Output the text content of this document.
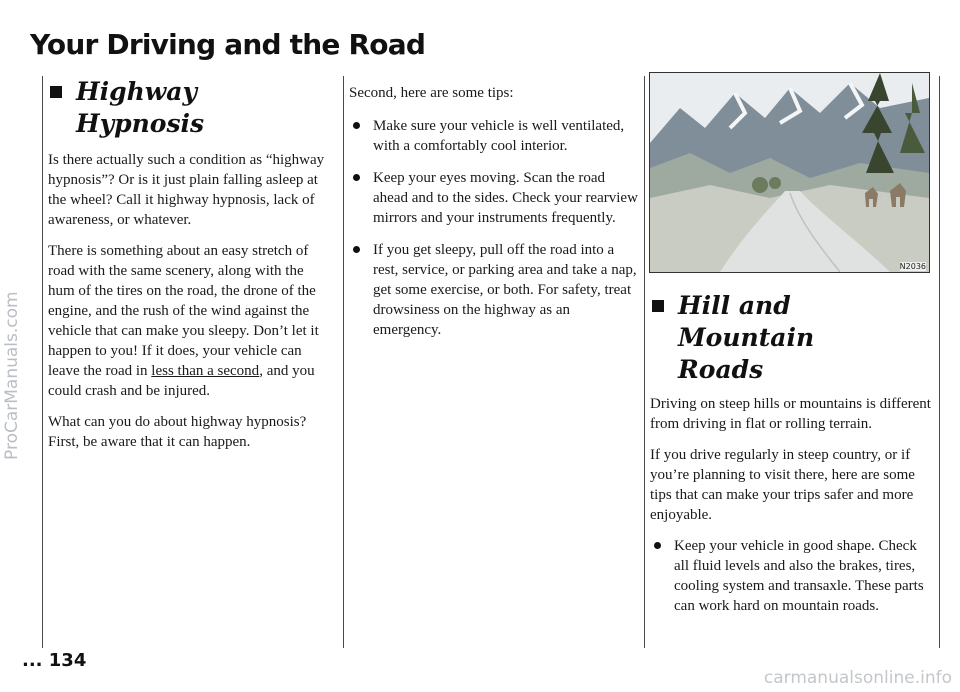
Your Driving and the Road
Highway Hypnosis

Is there actually such a condition as “highway hypnosis”? Or is it just plain falling asleep at the wheel? Call it highway hypnosis, lack of awareness, or whatever.

There is something about an easy stretch of road with the same scenery, along with the hum of the tires on the road, the drone of the engine, and the rush of the wind against the vehicle that can make you sleepy. Don’t let it happen to you! If it does, your vehicle can leave the road in less than a second, and you could crash and be injured.

What can you do about highway hypnosis? First, be aware that it can happen.

Second, here are some tips:

Make sure your vehicle is well ventilated, with a comfortably cool interior.
Keep your eyes moving. Scan the road ahead and to the sides. Check your rearview mirrors and your instruments frequently.
If you get sleepy, pull off the road into a rest, service, or parking area and take a nap, get some exercise, or both. For safety, treat drowsiness on the highway as an emergency.
N2036
Hill and Mountain
Roads

Driving on steep hills or mountains is different from driving in flat or rolling terrain.

If you drive regularly in steep country, or if you’re planning to visit there, here are some tips that can make your trips safer and more enjoyable.

Keep your vehicle in good shape. Check all fluid levels and also the brakes, tires, cooling system and transaxle. These parts can work hard on mountain roads.
... 134
ProCarManuals.com
carmanualsonline.info
